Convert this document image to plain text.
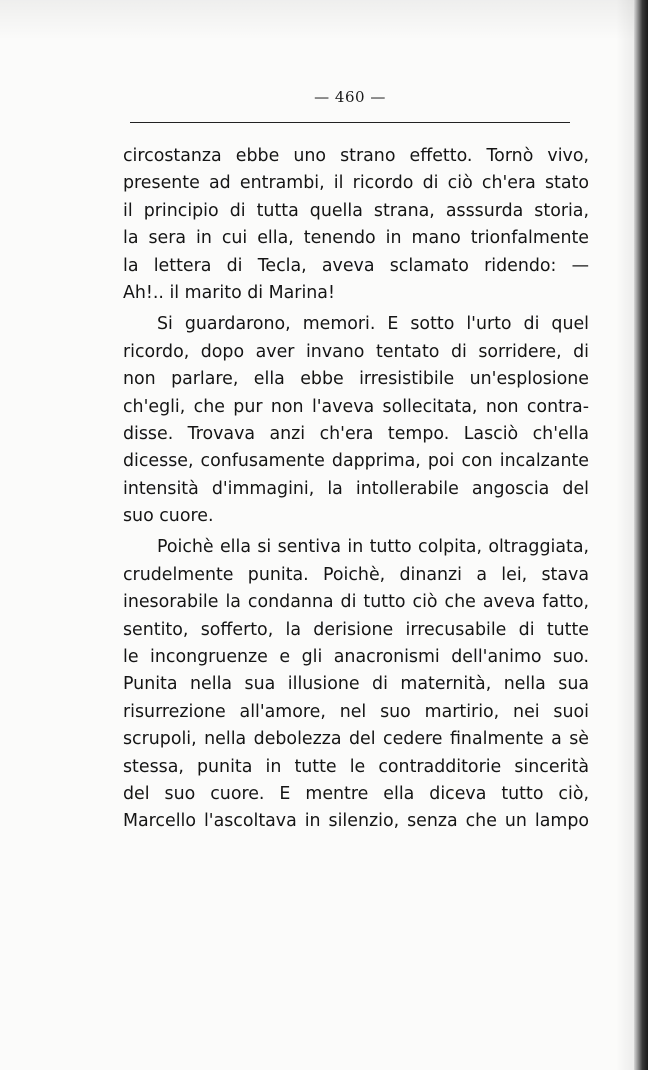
— 460 —
circostanza ebbe uno strano effetto. Tornò vivo,
presente ad entrambi, il ricordo di ciò ch'era stato
il principio di tutta quella strana, asssurda storia,
la sera in cui ella, tenendo in mano trionfalmente
la lettera di Tecla, aveva sclamato ridendo: —
Ah!.. il marito di Marina!
Si guardarono, memori. E sotto l'urto di quel
ricordo, dopo aver invano tentato di sorridere, di
non parlare, ella ebbe irresistibile un'esplosione
ch'egli, che pur non l'aveva sollecitata, non contra-
disse. Trovava anzi ch'era tempo. Lasciò ch'ella
dicesse, confusamente dapprima, poi con incalzante
intensità d'immagini, la intollerabile angoscia del
suo cuore.
Poichè ella si sentiva in tutto colpita, oltraggiata,
crudelmente punita. Poichè, dinanzi a lei, stava
inesorabile la condanna di tutto ciò che aveva fatto,
sentito, sofferto, la derisione irrecusabile di tutte
le incongruenze e gli anacronismi dell'animo suo.
Punita nella sua illusione di maternità, nella sua
risurrezione all'amore, nel suo martirio, nei suoi
scrupoli, nella debolezza del cedere finalmente a sè
stessa, punita in tutte le contradditorie sincerità
del suo cuore. E mentre ella diceva tutto ciò,
Marcello l'ascoltava in silenzio, senza che un lampo
